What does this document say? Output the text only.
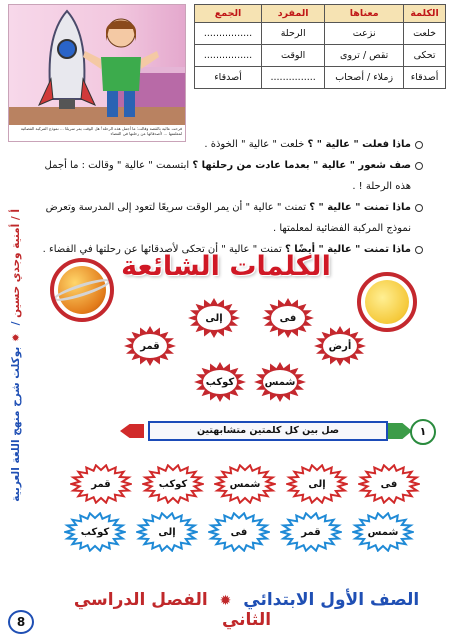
فرحت عالية بالقصة وقالت: ما أجمل هذه الرحلة! هل الوقت يمر سريعًا ... نموذج المركبة الفضائية لمعلمتها ... لأصدقائها عن رحلتها في الفضاء
الكلمة	معناها	المفرد	الجمع
خلعت	نزعت	الرحلة	................
تحكى	تقص / تروى	الوقت	................
أصدقاء	زملاء / أصحاب	...............	أصدقاء
ماذا فعلت " عالية " ؟ خلعت " عالية " الخوذة .
صف شعور " عالية " بعدما عادت من رحلتها ؟ ابتسمت " عالية " وقالت : ما أجمل هذه الرحلة ! .
ماذا تمنت " عالية " ؟ تمنت " عالية " أن يمر الوقت سريعًا لتعود إلى المدرسة وتعرض نموذج المركبة الفضائية لمعلمتها .
ماذا تمنت " عالية " أيضًا ؟ تمنت " عالية " أن تحكى لأصدقائها عن رحلتها في الفضاء .
الكلمات الشائعة
فى
إلى
أرض
قمر
كوكب	شمس
١
صل بين كل كلمتين متشابهتين
فى
إلى
شمس
كوكب
قمر
شمس
قمر
فى
إلى
كوكب
أ / أمنية وجدي حسين / ✹ بوكلت شرح منهج اللغة العربية
الصف الأول الابتدائي ✹ الفصل الدراسي الثاني
8
